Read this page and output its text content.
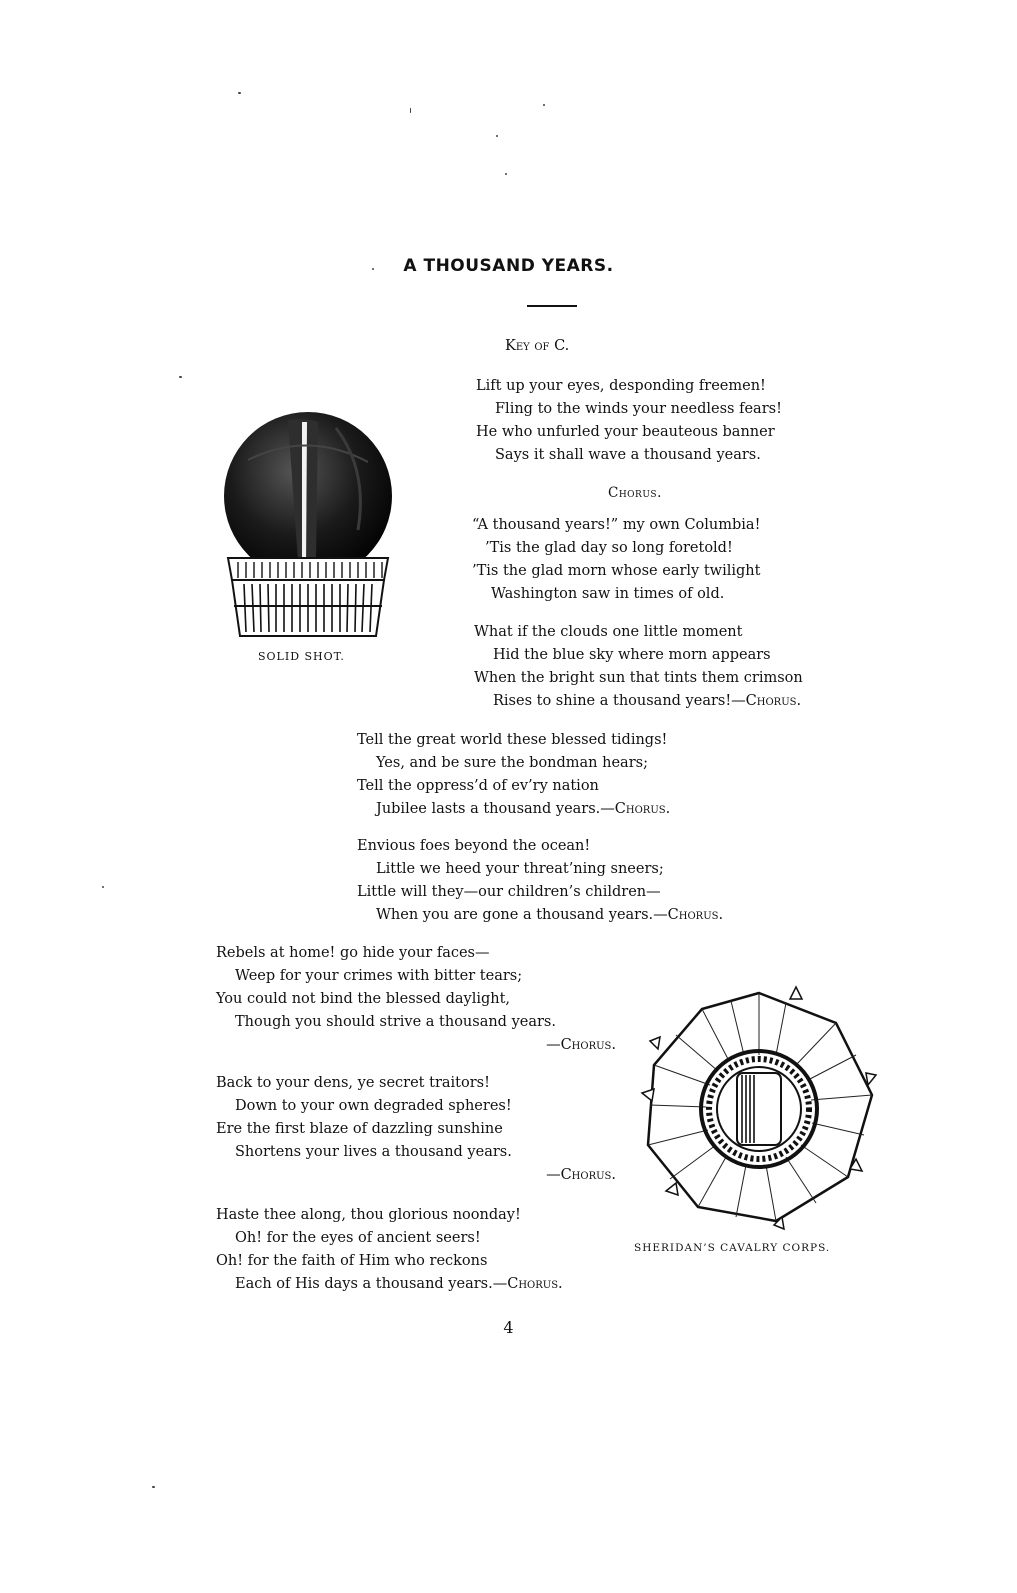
A THOUSAND YEARS.
Key of C.
Lift up your eyes, desponding freemen!
Fling to the winds your needless fears!
He who unfurled your beauteous banner
Says it shall wave a thousand years.
Chorus.
“A thousand years!” my own Columbia!
’Tis the glad day so long foretold!
’Tis the glad morn whose early twilight
Washington saw in times of old.
What if the clouds one little moment
Hid the blue sky where morn appears
When the bright sun that tints them crimson
Rises to shine a thousand years!—Chorus.
Tell the great world these blessed tidings!
Yes, and be sure the bondman hears;
Tell the oppress’d of ev’ry nation
Jubilee lasts a thousand years.—Chorus.
Envious foes beyond the ocean!
Little we heed your threat’ning sneers;
Little will they—our children’s children—
When you are gone a thousand years.—Chorus.
Rebels at home! go hide your faces—
Weep for your crimes with bitter tears;
You could not bind the blessed daylight,
Though you should strive a thousand years.
—Chorus.
Back to your dens, ye secret traitors!
Down to your own degraded spheres!
Ere the first blaze of dazzling sunshine
Shortens your lives a thousand years.
—Chorus.
Haste thee along, thou glorious noonday!
Oh! for the eyes of ancient seers!
Oh! for the faith of Him who reckons
Each of His days a thousand years.—Chorus.
SOLID SHOT.
SHERIDAN’S CAVALRY CORPS.
4
